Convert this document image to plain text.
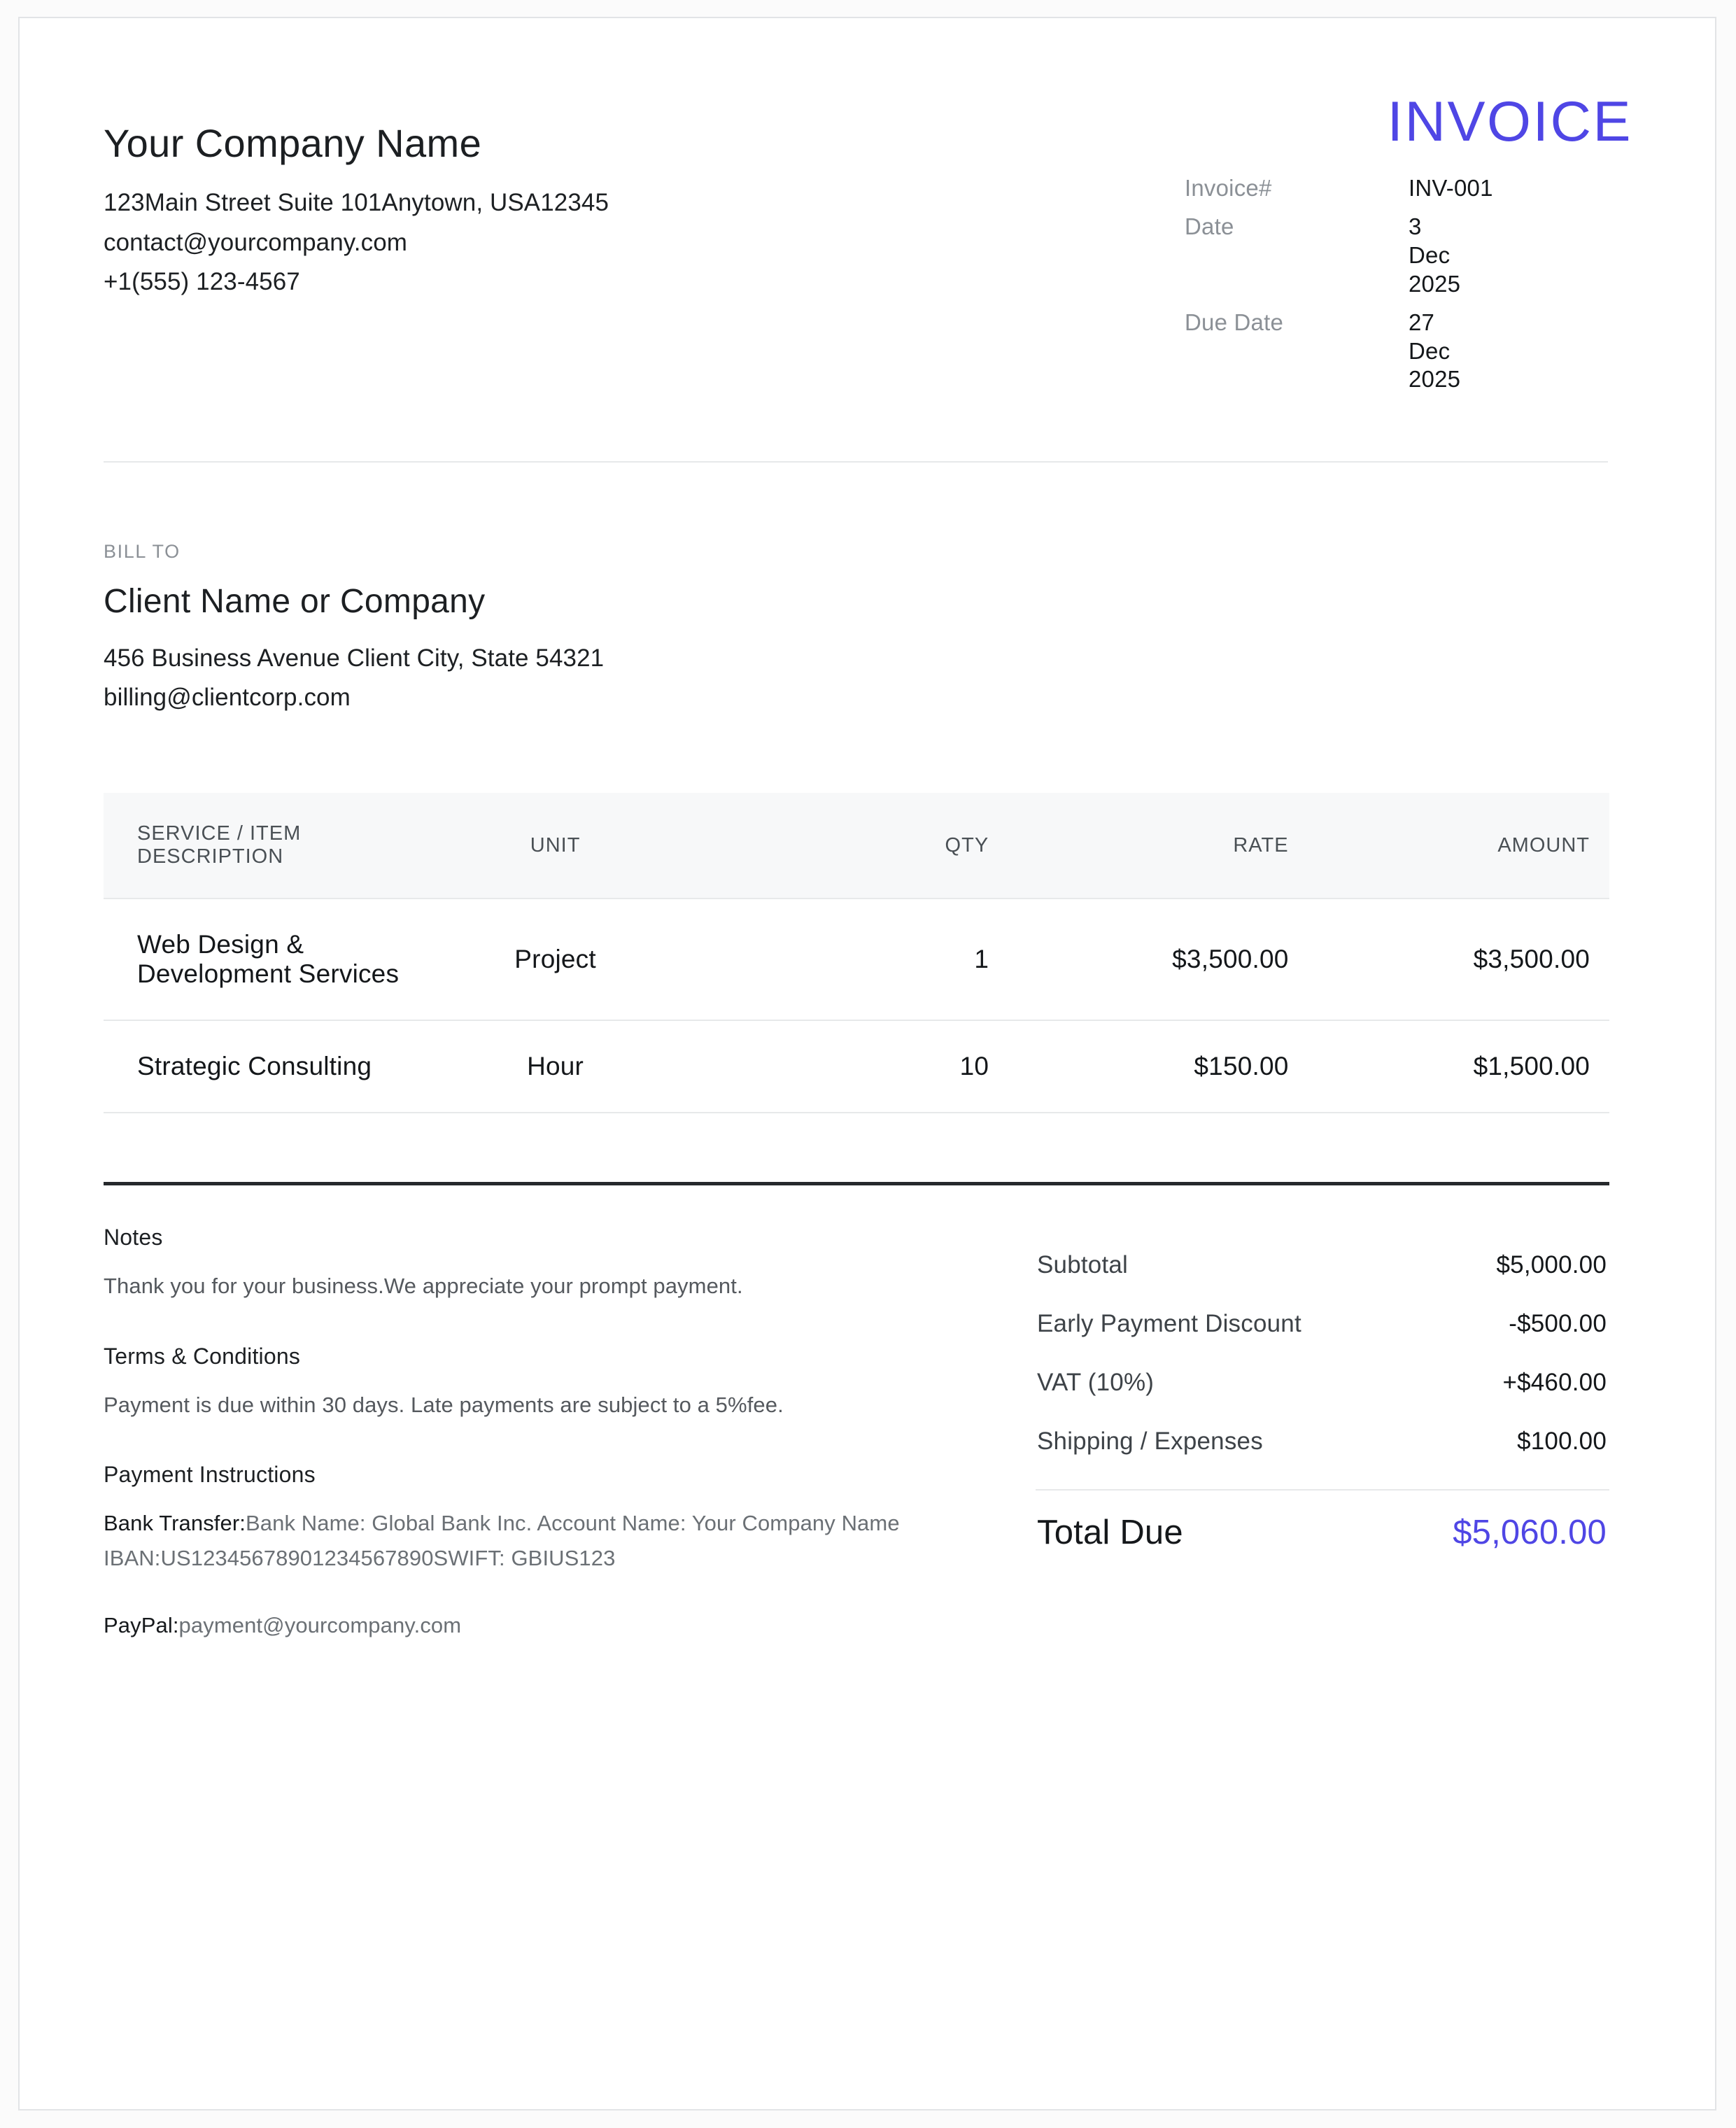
Your Company Name
123Main Street Suite 101Anytown, USA12345
contact@yourcompany.com
+1(555) 123-4567
INVOICE
Invoice#	INV-001
Date	3 Dec 2025
Due Date	27 Dec 2025
BILL TO
Client Name or Company
456 Business Avenue Client City, State 54321
billing@clientcorp.com
SERVICE / ITEM DESCRIPTION	UNIT	QTY	RATE	AMOUNT
Web Design & Development Services	Project	1	$3,500.00	$3,500.00
Strategic Consulting	Hour	10	$150.00	$1,500.00
Notes
Thank you for your business.We appreciate your prompt payment.
Terms & Conditions
Payment is due within 30 days. Late payments are subject to a 5%fee.
Payment Instructions
Bank Transfer:Bank Name: Global Bank Inc. Account Name: Your Company Name IBAN:US12345678901234567890SWIFT: GBIUS123
PayPal:payment@yourcompany.com
Subtotal	$5,000.00
Early Payment Discount	-$500.00
VAT (10%)	+$460.00
Shipping / Expenses	$100.00
Total Due	$5,060.00
